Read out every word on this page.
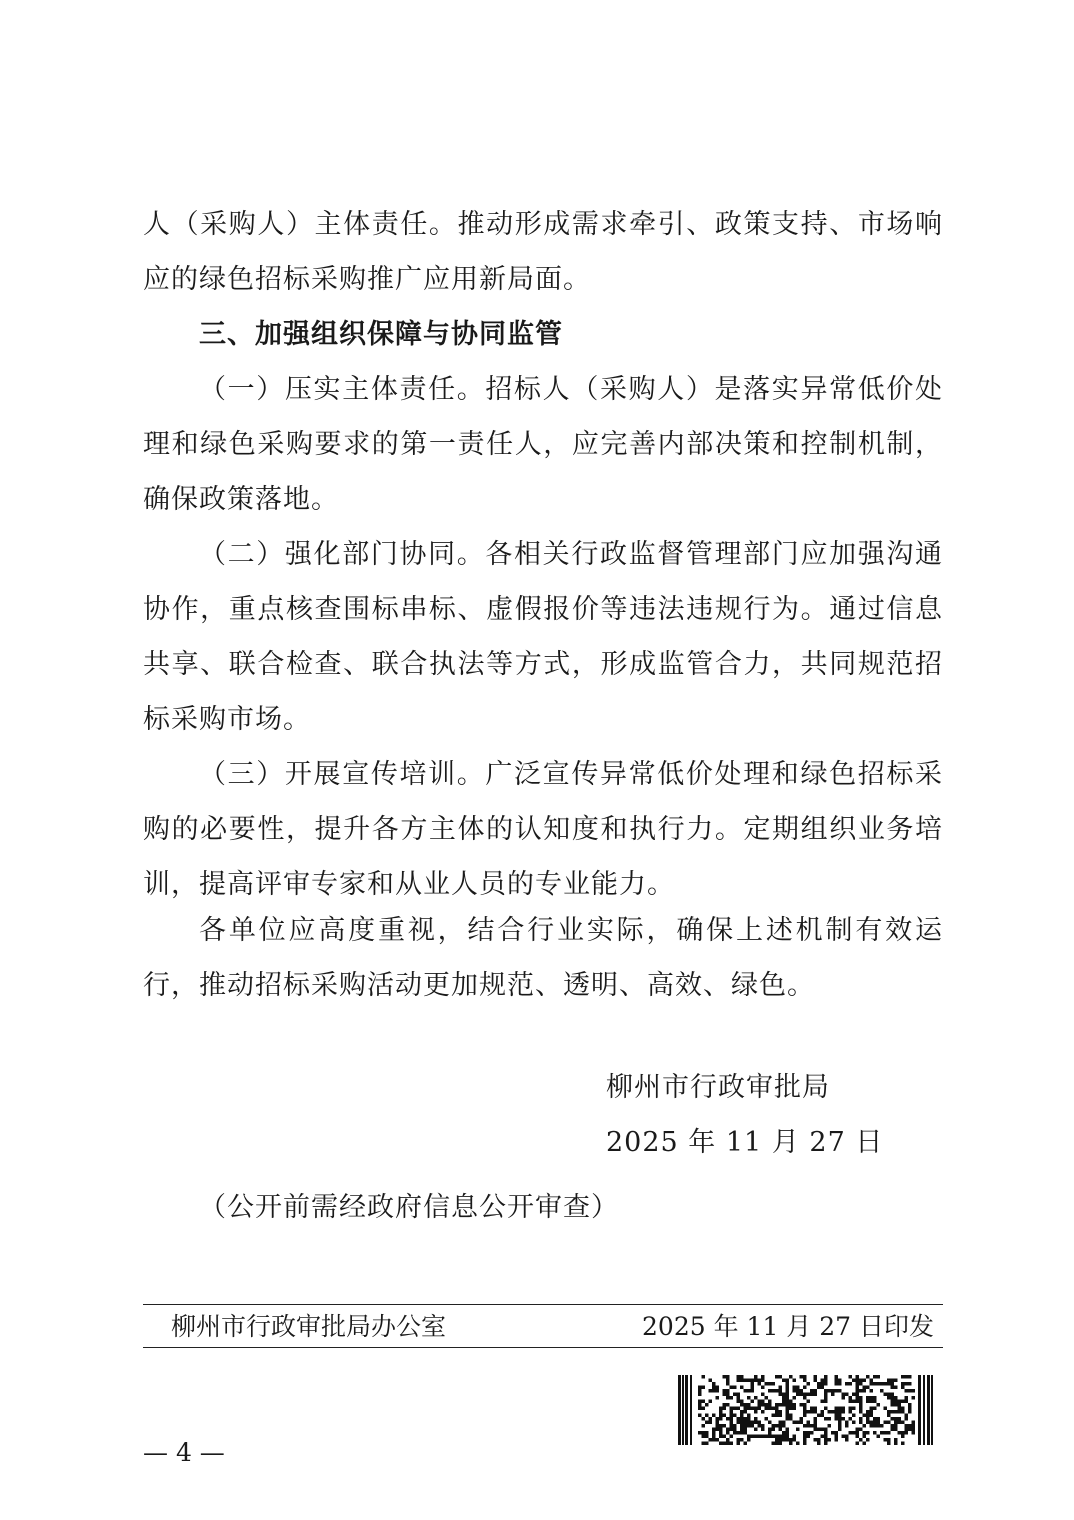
人（采购人）主体责任。推动形成需求牵引、政策支持、市场响应的绿色招标采购推广应用新局面。
三、加强组织保障与协同监管
（一）压实主体责任。招标人（采购人）是落实异常低价处理和绿色采购要求的第一责任人，应完善内部决策和控制机制，确保政策落地。
（二）强化部门协同。各相关行政监督管理部门应加强沟通协作，重点核查围标串标、虚假报价等违法违规行为。通过信息共享、联合检查、联合执法等方式，形成监管合力，共同规范招标采购市场。
（三）开展宣传培训。广泛宣传异常低价处理和绿色招标采购的必要性，提升各方主体的认知度和执行力。定期组织业务培训，提高评审专家和从业人员的专业能力。
各单位应高度重视，结合行业实际，确保上述机制有效运行，推动招标采购活动更加规范、透明、高效、绿色。
柳州市行政审批局
2025 年 11 月 27 日
（公开前需经政府信息公开审查）
柳州市行政审批局办公室	2025 年 11 月 27 日印发
— 4 —
